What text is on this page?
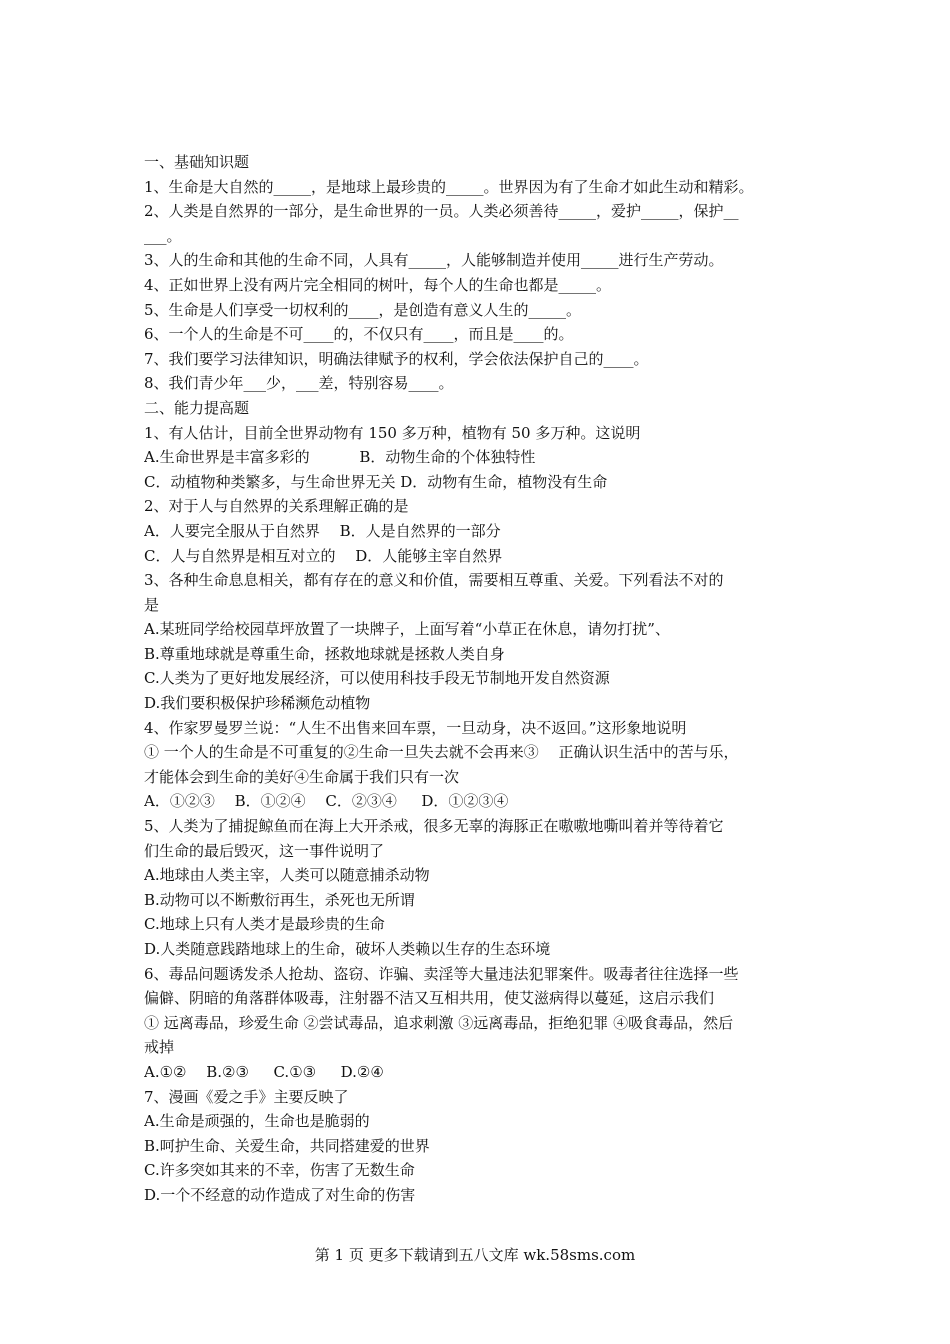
一、基础知识题
1、生命是大自然的_____，是地球上最珍贵的_____。世界因为有了生命才如此生动和精彩。
2、人类是自然界的一部分，是生命世界的一员。人类必须善待_____，爱护_____，保护__
___。
3、人的生命和其他的生命不同，人具有_____，人能够制造并使用_____进行生产劳动。
4、正如世界上没有两片完全相同的树叶，每个人的生命也都是_____。
5、生命是人们享受一切权利的____，是创造有意义人生的_____。
6、一个人的生命是不可____的，不仅只有____，而且是____的。
7、我们要学习法律知识，明确法律赋予的权利，学会依法保护自己的____。
8、我们青少年___少，___差，特别容易____。
二、能力提高题
1、有人估计，目前全世界动物有 150 多万种，植物有 50 多万种。这说明
A.生命世界是丰富多彩的 　　　B．动物生命的个体独特性
C．动植物种类繁多，与生命世界无关 D．动物有生命，植物没有生命
2、对于人与自然界的关系理解正确的是
A．人要完全服从于自然界 　B．人是自然界的一部分
C．人与自然界是相互对立的 　D．人能够主宰自然界
3、各种生命息息相关，都有存在的意义和价值，需要相互尊重、关爱。下列看法不对的
是
A.某班同学给校园草坪放置了一块牌子，上面写着“小草正在休息，请勿打扰”、
B.尊重地球就是尊重生命，拯救地球就是拯救人类自身
C.人类为了更好地发展经济，可以使用科技手段无节制地开发自然资源
D.我们要积极保护珍稀濒危动植物
4、作家罗曼罗兰说：“人生不出售来回车票，一旦动身，决不返回。”这形象地说明
① 一个人的生命是不可重复的②生命一旦失去就不会再来③ 　正确认识生活中的苦与乐，
才能体会到生命的美好④生命属于我们只有一次
A．①②③ 　B．①②④ 　C．②③④ 　 D．①②③④
5、人类为了捕捉鲸鱼而在海上大开杀戒，很多无辜的海豚正在嗷嗷地嘶叫着并等待着它
们生命的最后毁灭，这一事件说明了
A.地球由人类主宰，人类可以随意捕杀动物
B.动物可以不断敷衍再生，杀死也无所谓
C.地球上只有人类才是最珍贵的生命
D.人类随意践踏地球上的生命，破坏人类赖以生存的生态环境
6、毒品问题诱发杀人抢劫、盗窃、诈骗、卖淫等大量违法犯罪案件。吸毒者往往选择一些
偏僻、阴暗的角落群体吸毒，注射器不洁又互相共用，使艾滋病得以蔓延，这启示我们
① 远离毒品，珍爱生命 ②尝试毒品，追求刺激 ③远离毒品，拒绝犯罪 ④吸食毒品，然后
戒掉
A.①② 　B.②③ 　 C.①③ 　 D.②④
7、漫画《爱之手》主要反映了
A.生命是顽强的，生命也是脆弱的
B.呵护生命、关爱生命，共同搭建爱的世界
C.许多突如其来的不幸，伤害了无数生命
D.一个不经意的动作造成了对生命的伤害
第 1 页 更多下载请到五八文库 wk.58sms.com
